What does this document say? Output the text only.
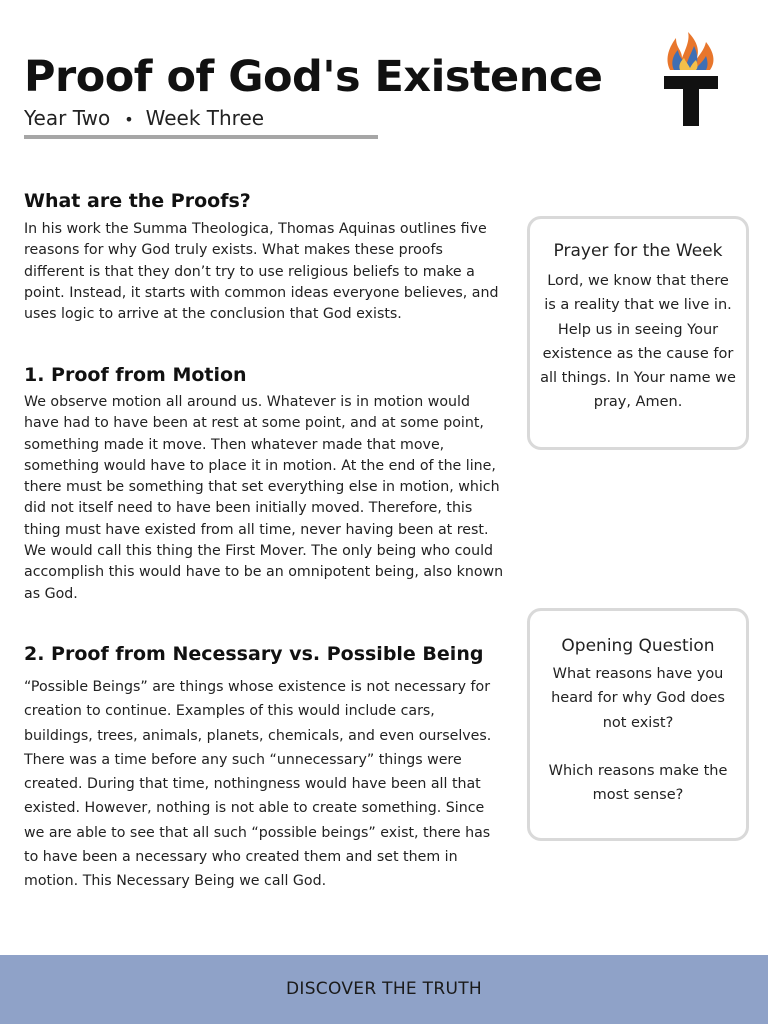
Proof of God's Existence
Year Two • Week Three
What are the Proofs?

In his work the Summa Theologica, Thomas Aquinas outlines five reasons for why God truly exists. What makes these proofs different is that they don’t try to use religious beliefs to make a point. Instead, it starts with common ideas everyone believes, and uses logic to arrive at the conclusion that God exists.

1. Proof from Motion

We observe motion all around us. Whatever is in motion would have had to have been at rest at some point, and at some point, something made it move. Then whatever made that move, something would have to place it in motion. At the end of the line, there must be something that set everything else in motion, which did not itself need to have been initially moved. Therefore, this thing must have existed from all time, never having been at rest. We would call this thing the First Mover. The only being who could accomplish this would have to be an omnipotent being, also known as God.

2. Proof from Necessary vs. Possible Being

“Possible Beings” are things whose existence is not necessary for creation to continue. Examples of this would include cars, buildings, trees, animals, planets, chemicals, and even ourselves. There was a time before any such “unnecessary” things were created. During that time, nothingness would have been all that existed. However, nothing is not able to create something. Since we are able to see that all such “possible beings” exist, there has to have been a necessary who created them and set them in motion. This Necessary Being we call God.

Prayer for the Week

Lord, we know that there is a reality that we live in. Help us in seeing Your existence as the cause for all things. In Your name we pray, Amen.

Opening Question

What reasons have you heard for why God does not exist?

Which reasons make the most sense?
DISCOVER THE TRUTH
